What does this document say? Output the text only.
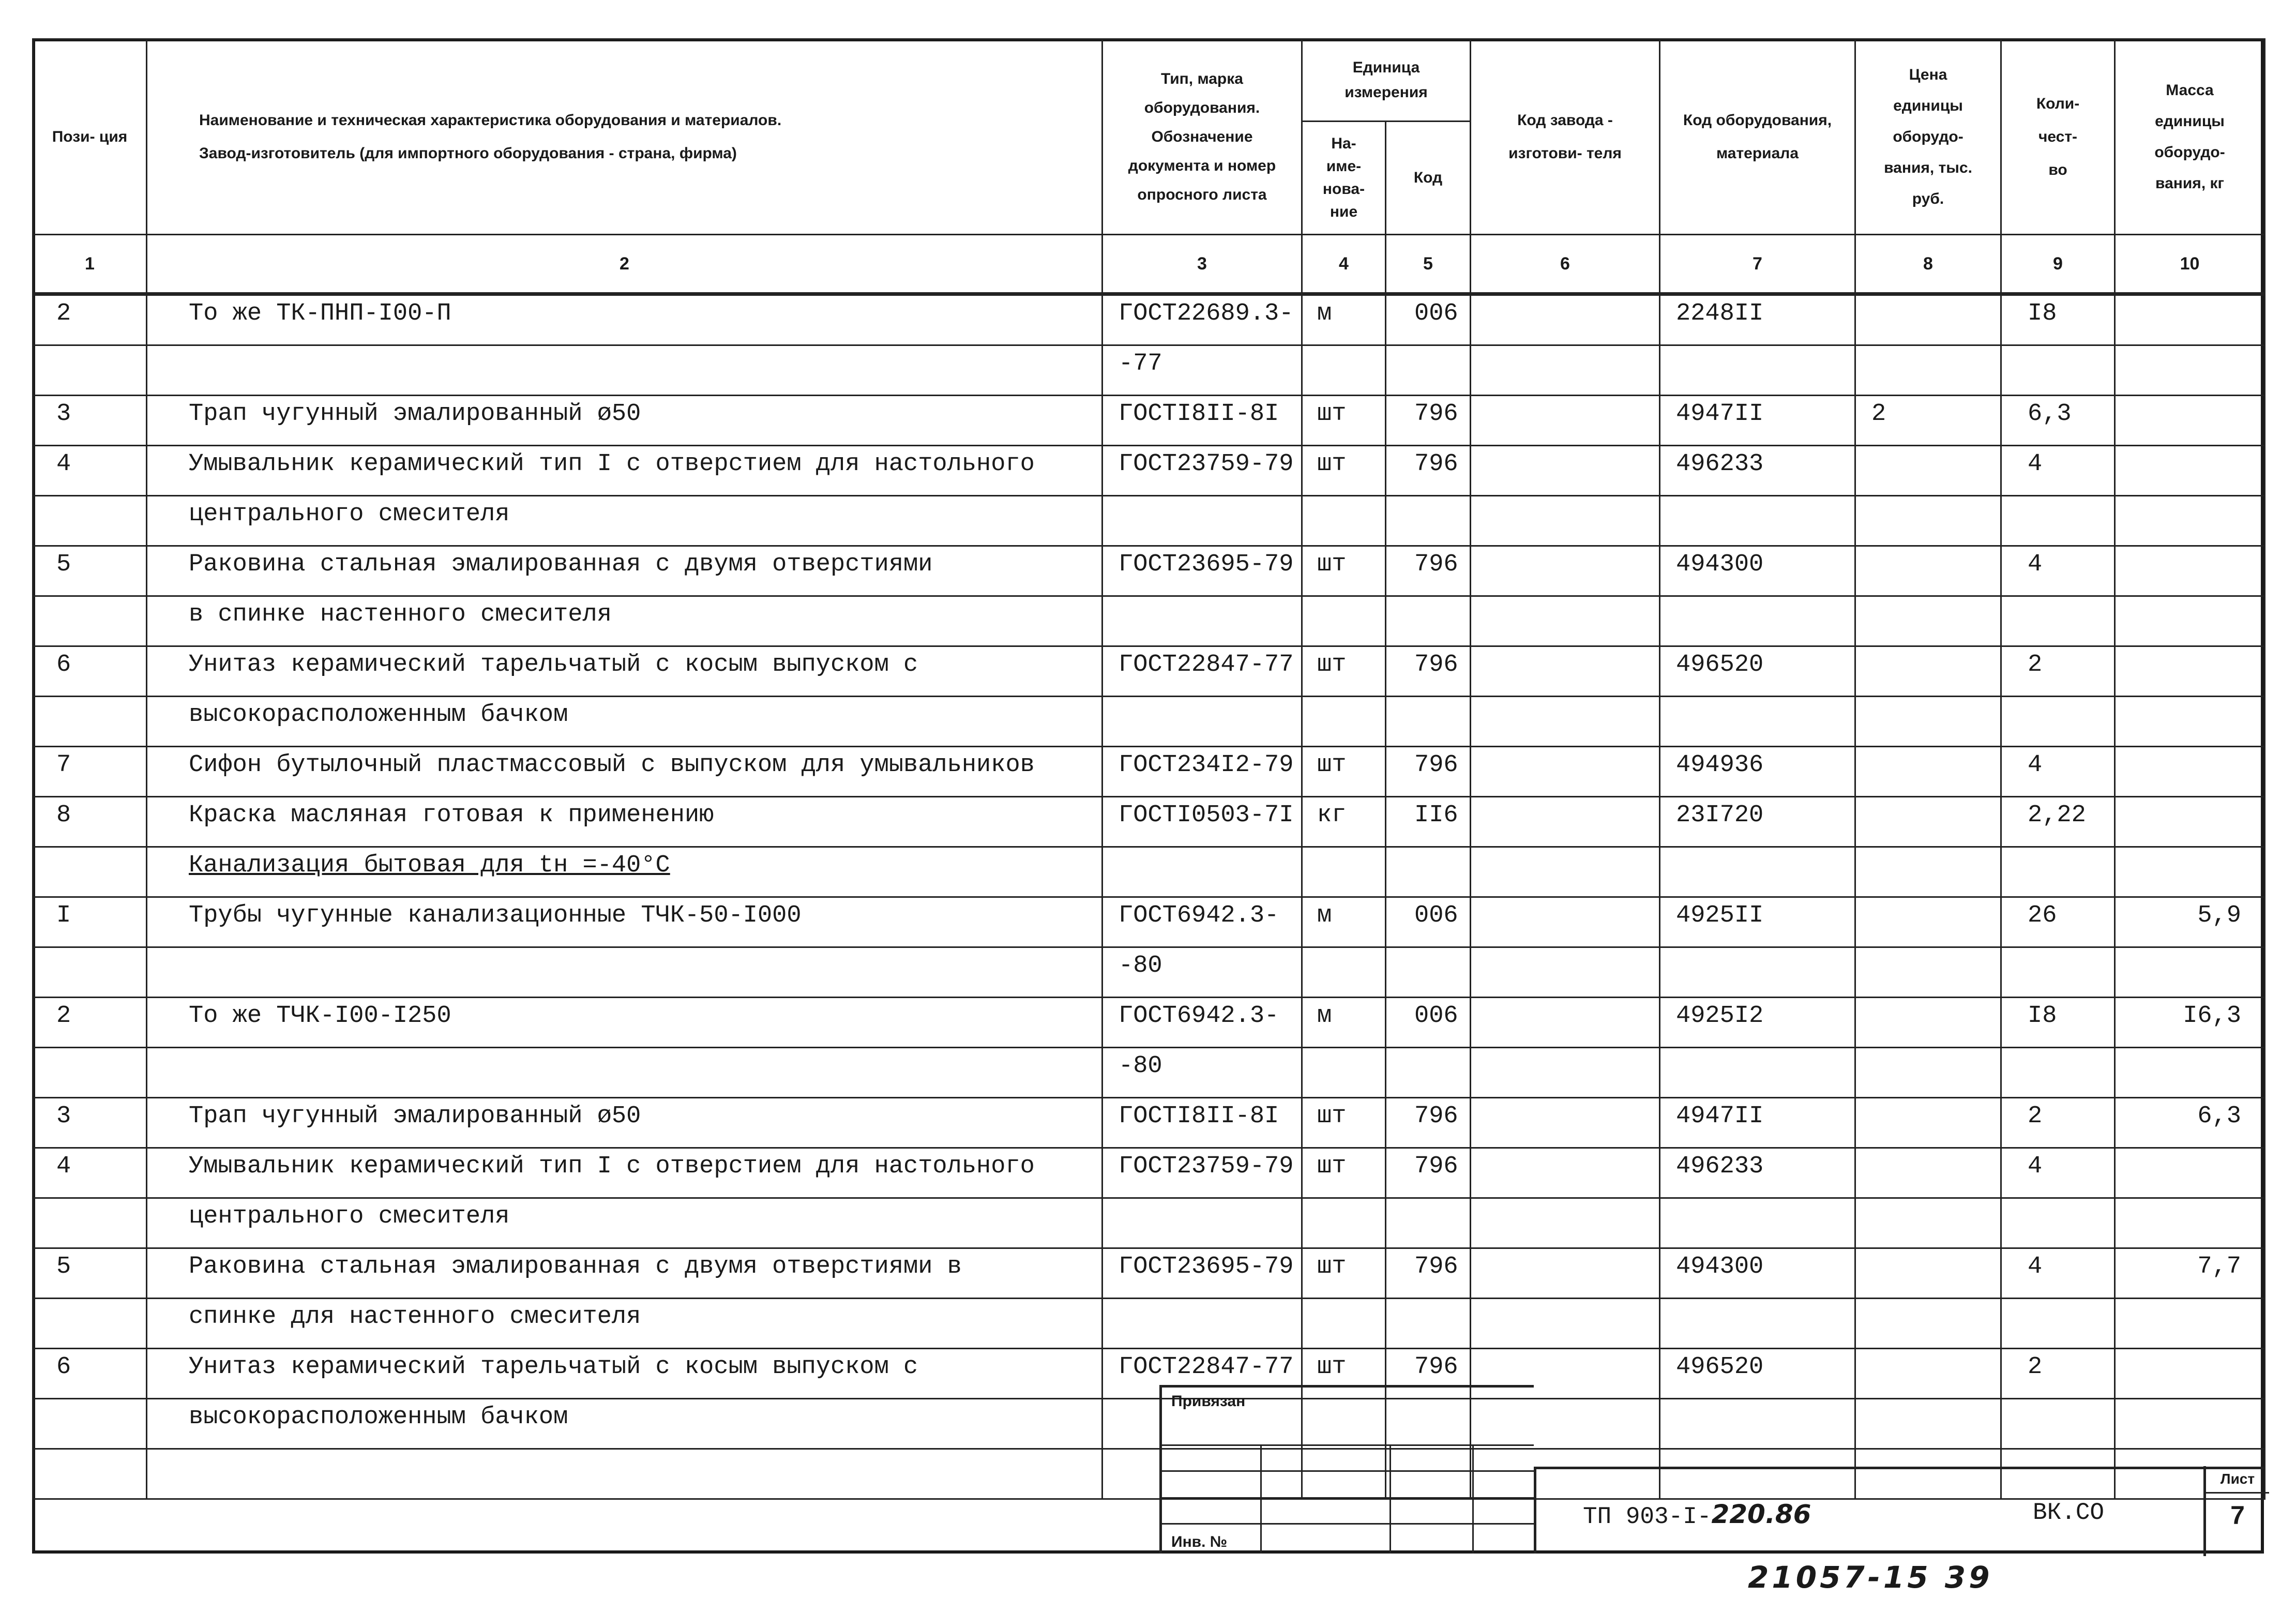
Пози- ция	Наименование и техническая характеристика оборудования и материалов.
Завод-изготовитель (для импортного оборудования - страна, фирма)	Тип, марка оборудования. Обозначение документа и номер опросного листа	Единица измерения		Код завода - изготови- теля	Код оборудования, материала	Цена единицы оборудо- вания, тыс. руб.	Коли- чест- во	Масса единицы оборудо- вания, кг
			На- име- нова- ние	Код					
1	2	3	4	5	6	7	8	9	10
2	То же ТК-ПНП-I00-П	ГОСТ22689.3-	м	006		2248II		I8	
		-77							
3	Трап чугунный эмалированный ø50	ГОСТI8II-8I	шт	796		4947II	2	6,3	
4	Умывальник керамический тип I с отверстием для настольного	ГОСТ23759-79	шт	796		496233		4	
	центрального смесителя								
5	Раковина стальная эмалированная с двумя отверстиями	ГОСТ23695-79	шт	796		494300		4	
	в спинке настенного смесителя								
6	Унитаз керамический тарельчатый с косым выпуском с	ГОСТ22847-77	шт	796		496520		2	
	высокорасположенным бачком								
7	Сифон бутылочный пластмассовый с выпуском для умывальников	ГОСТ234I2-79	шт	796		494936		4	
8	Краска масляная готовая к применению	ГОСТI0503-7I	кг	II6		23I720		2,22	
	Канализация бытовая для tн =-40°С								
I	Трубы чугунные канализационные ТЧК-50-I000	ГОСТ6942.3-	м	006		4925II		26	5,9
		-80							
2	То же ТЧК-I00-I250	ГОСТ6942.3-	м	006		4925I2		I8	I6,3
		-80							
3	Трап чугунный эмалированный ø50	ГОСТI8II-8I	шт	796		4947II		2	6,3
4	Умывальник керамический тип I с отверстием для настольного	ГОСТ23759-79	шт	796		496233		4	
	центрального смесителя								
5	Раковина стальная эмалированная с двумя отверстиями в	ГОСТ23695-79	шт	796		494300		4	7,7
	спинке для настенного смесителя								
6	Унитаз керамический тарельчатый с косым выпуском с	ГОСТ22847-77	шт	796		496520		2	
	высокорасположенным бачком								

Привязан
Инв. №
ТП 903-I-220.86	ВК.СО
Лист
7
21057-15 39
